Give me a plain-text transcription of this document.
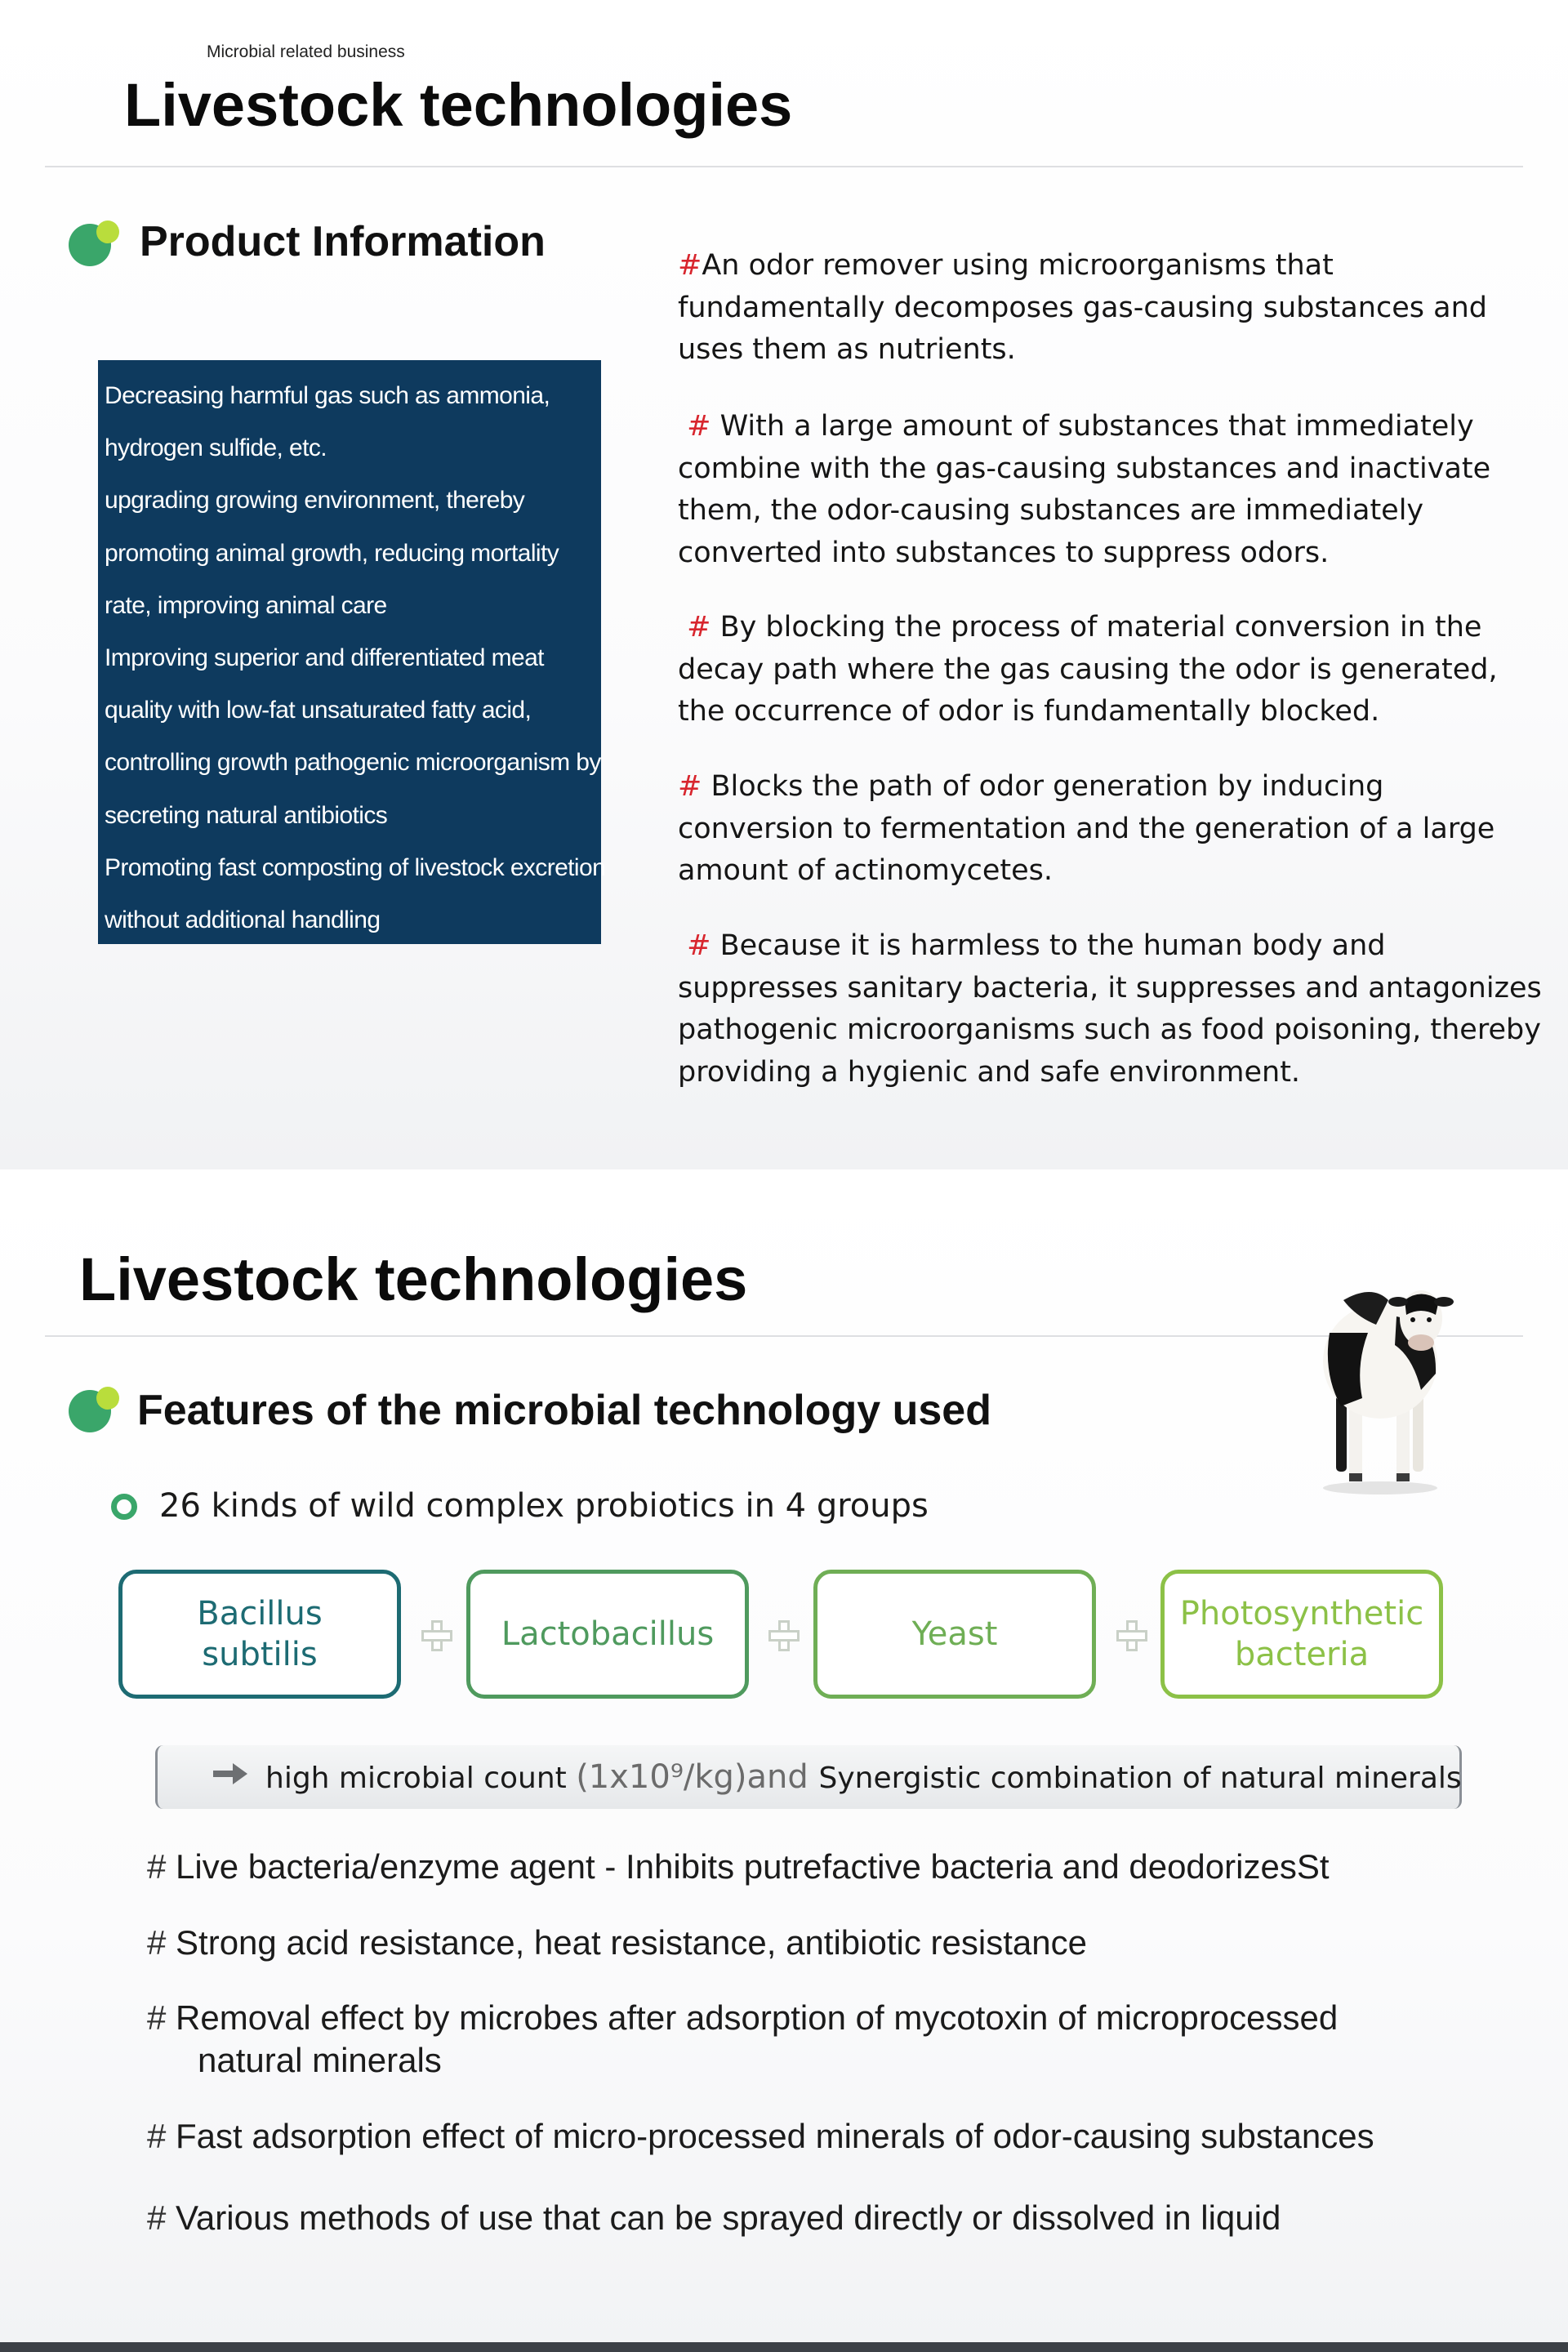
Microbial related business
Livestock technologies
Product Information
Decreasing harmful gas such as ammonia,
hydrogen sulfide, etc.
upgrading growing environment, thereby
promoting animal growth, reducing mortality
rate, improving animal care
Improving superior and differentiated meat
quality with low-fat unsaturated fatty acid,
controlling growth pathogenic microorganism by
secreting natural antibiotics
Promoting fast composting of livestock excretion
without additional handling
#An odor remover using microorganisms that fundamentally decomposes gas-causing substances and uses them as nutrients.
# With a large amount of substances that immediately combine with the gas-causing substances and inactivate them, the odor-causing substances are immediately converted into substances to suppress odors.
# By blocking the process of material conversion in the decay path where the gas causing the odor is generated, the occurrence of odor is fundamentally blocked.
# Blocks the path of odor generation by inducing conversion to fermentation and the generation of a large amount of actinomycetes.
# Because it is harmless to the human body and suppresses sanitary bacteria, it suppresses and antagonizes pathogenic microorganisms such as food poisoning, thereby providing a hygienic and safe environment.
Livestock technologies
Features of the microbial technology used
26 kinds of wild complex probiotics in 4 groups
Bacillus
subtilis
Lactobacillus	Yeast
Photosynthetic
bacteria
high microbial count (1x10⁹/kg)and Synergistic combination of natural minerals
# Live bacteria/enzyme agent - Inhibits putrefactive bacteria and deodorizesSt
# Strong acid resistance, heat resistance, antibiotic resistance
# Removal effect by microbes after adsorption of mycotoxin of microprocessed
natural minerals
# Fast adsorption effect of micro-processed minerals of odor-causing substances
# Various methods of use that can be sprayed directly or dissolved in liquid
